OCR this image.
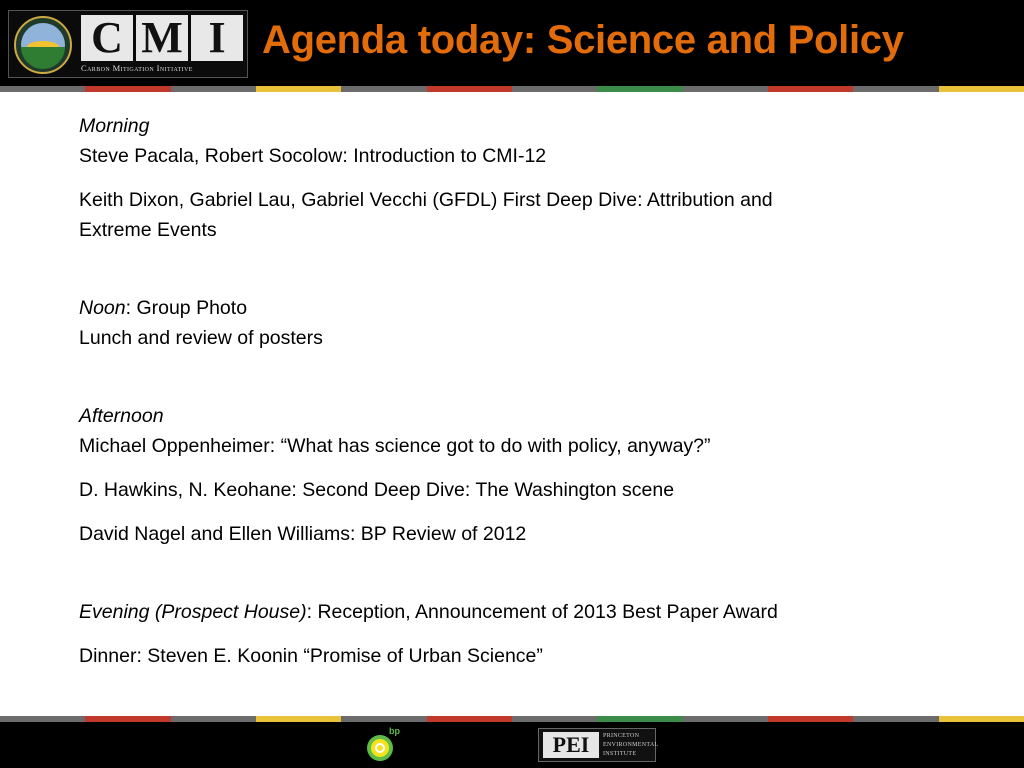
C M I
Carbon Mitigation Initiative
Agenda today: Science and Policy

Morning

Steve Pacala, Robert Socolow: Introduction to CMI-12

Keith Dixon, Gabriel Lau, Gabriel Vecchi (GFDL) First Deep Dive: Attribution and

Extreme Events

Noon: Group Photo

Lunch and review of posters

Afternoon

Michael Oppenheimer: “What has science got to do with policy, anyway?”

D. Hawkins, N. Keohane: Second Deep Dive: The Washington scene

David Nagel and Ellen Williams: BP Review of 2012

Evening (Prospect House): Reception, Announcement of 2013 Best Paper Award

Dinner: Steven E. Koonin “Promise of Urban Science”

bp
PEI	PRINCETON
ENVIRONMENTAL
INSTITUTE
